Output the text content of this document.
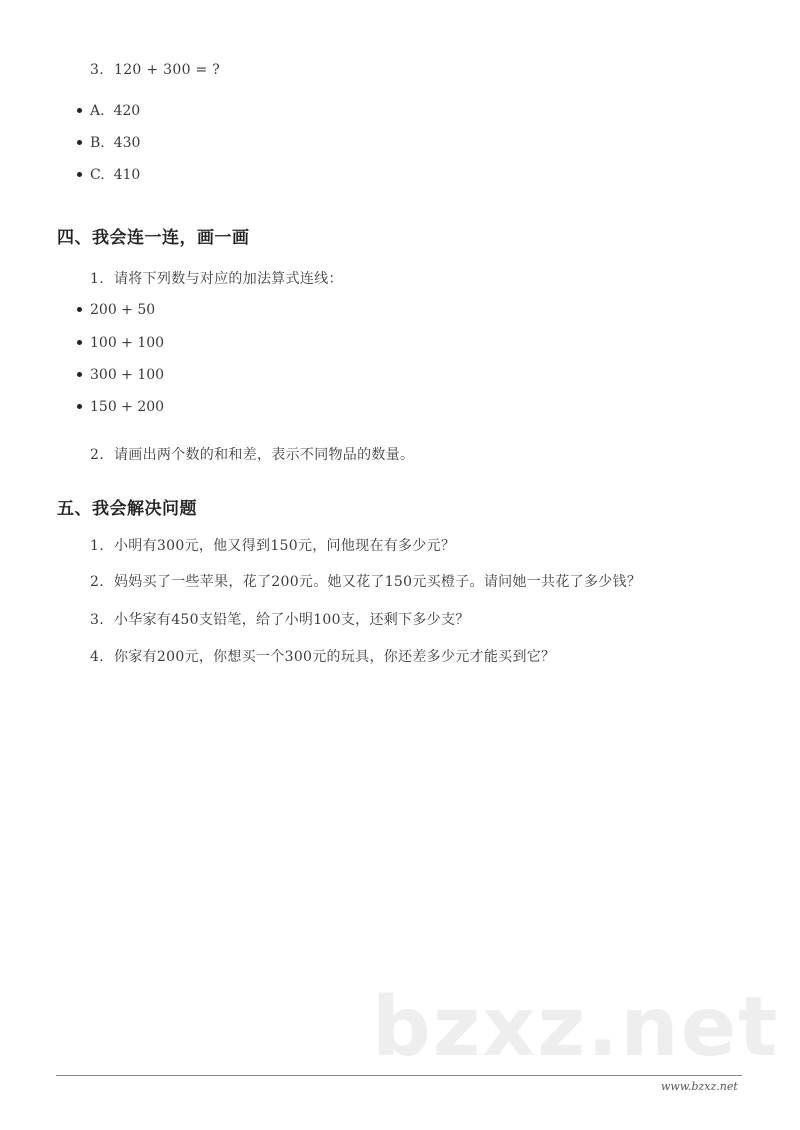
3. 120 + 300 = ?
A. 420
B. 430
C. 410
四、我会连一连，画一画
1. 请将下列数与对应的加法算式连线：
200 + 50
100 + 100
300 + 100
150 + 200
2. 请画出两个数的和和差，表示不同物品的数量。
五、我会解决问题
1. 小明有300元，他又得到150元，问他现在有多少元？
2. 妈妈买了一些苹果，花了200元。她又花了150元买橙子。请问她一共花了多少钱？
3. 小华家有450支铅笔，给了小明100支，还剩下多少支？
4. 你家有200元，你想买一个300元的玩具，你还差多少元才能买到它？
bzxz.net
www.bzxz.net
